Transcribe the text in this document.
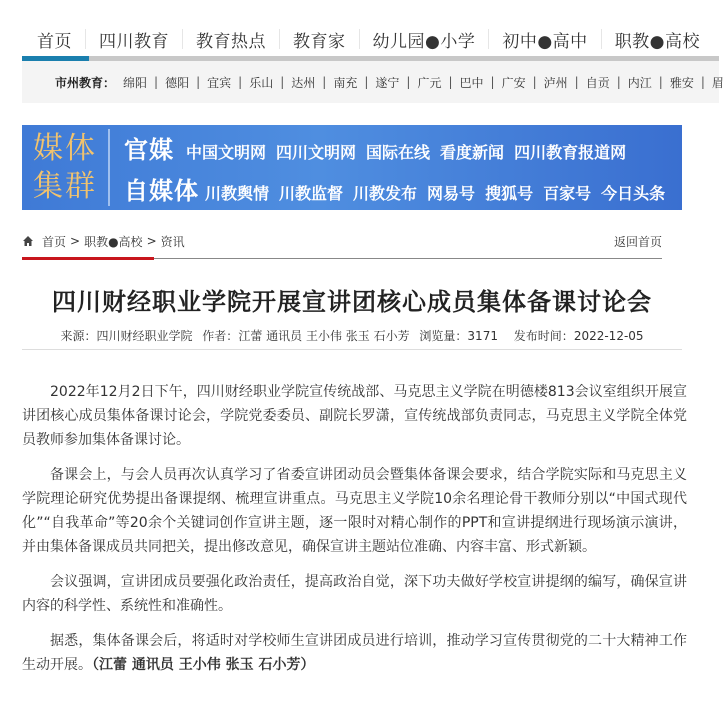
首页	四川教育	教育热点	教育家	幼儿园●小学	初中●高中	职教●高校
市州教育： 绵阳 | 德阳 | 宜宾 | 乐山 | 达州 | 南充 | 遂宁 | 广元 | 巴中 | 广安 | 泸州 | 自贡 | 内江 | 雅安 | 眉
媒体
集群
官媒 中国文明网 四川文明网 国际在线 看度新闻 四川教育报道网
自媒体 川教舆情 川教监督 川教发布 网易号 搜狐号 百家号 今日头条
首页 > 职教●高校 > 资讯	返回首页
四川财经职业学院开展宣讲团核心成员集体备课讨论会
来源：四川财经职业学院 作者：江蕾 通讯员 王小伟 张玉 石小芳 浏览量：3171 发布时间：2022-12-05

2022年12月2日下午，四川财经职业学院宣传统战部、马克思主义学院在明德楼813会议室组织开展宣讲团核心成员集体备课讨论会，学院党委委员、副院长罗潇，宣传统战部负责同志，马克思主义学院全体党员教师参加集体备课讨论。

备课会上，与会人员再次认真学习了省委宣讲团动员会暨集体备课会要求，结合学院实际和马克思主义学院理论研究优势提出备课提纲、梳理宣讲重点。马克思主义学院10余名理论骨干教师分别以“中国式现代化”“自我革命”等20余个关键词创作宣讲主题，逐一限时对精心制作的PPT和宣讲提纲进行现场演示演讲，并由集体备课成员共同把关，提出修改意见，确保宣讲主题站位准确、内容丰富、形式新颖。

会议强调，宣讲团成员要强化政治责任，提高政治自觉，深下功夫做好学校宣讲提纲的编写，确保宣讲内容的科学性、系统性和准确性。

据悉，集体备课会后，将适时对学校师生宣讲团成员进行培训，推动学习宣传贯彻党的二十大精神工作生动开展。（江蕾 通讯员 王小伟 张玉 石小芳）
